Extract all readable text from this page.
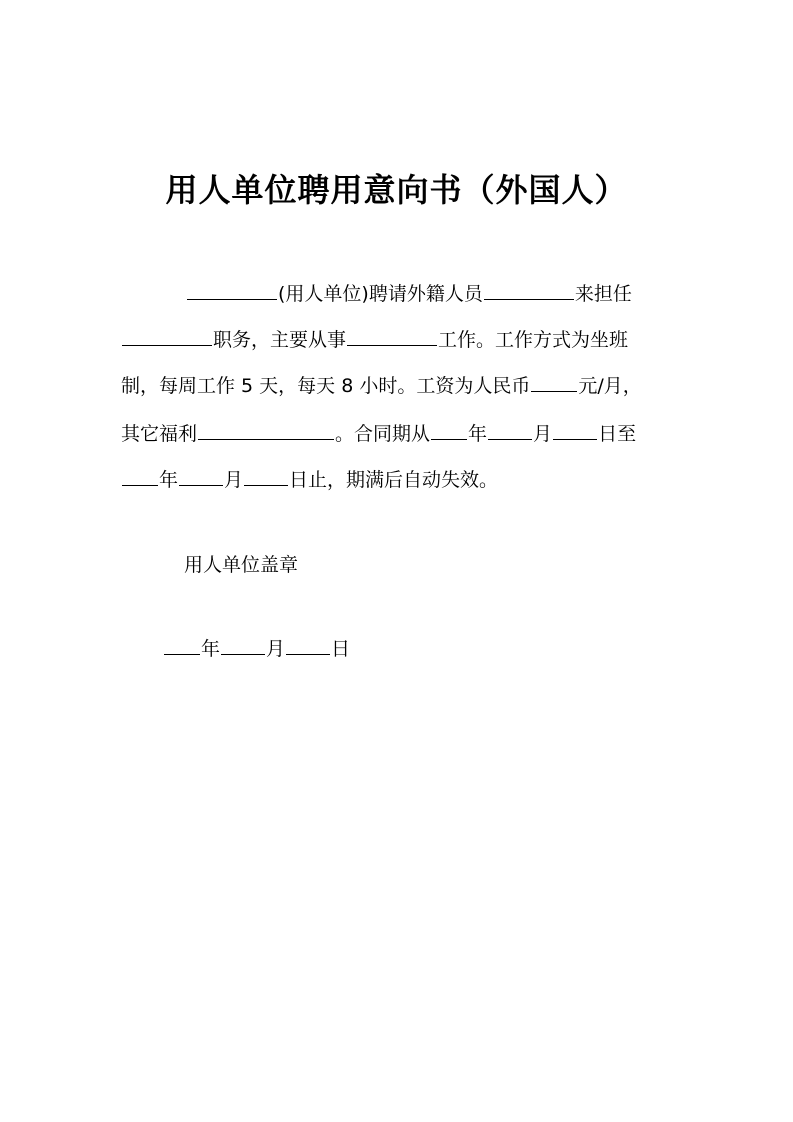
用人单位聘用意向书（外国人）
(用人单位)聘请外籍人员	来担任
职务，主要从事	工作。工作方式为坐班
制，每周工作 5 天，每天 8 小时。工资为人民币	元/月，
其它福利	。合同期从 年 月 日至
年 月 日止，期满后自动失效。
用人单位盖章
年 月 日
